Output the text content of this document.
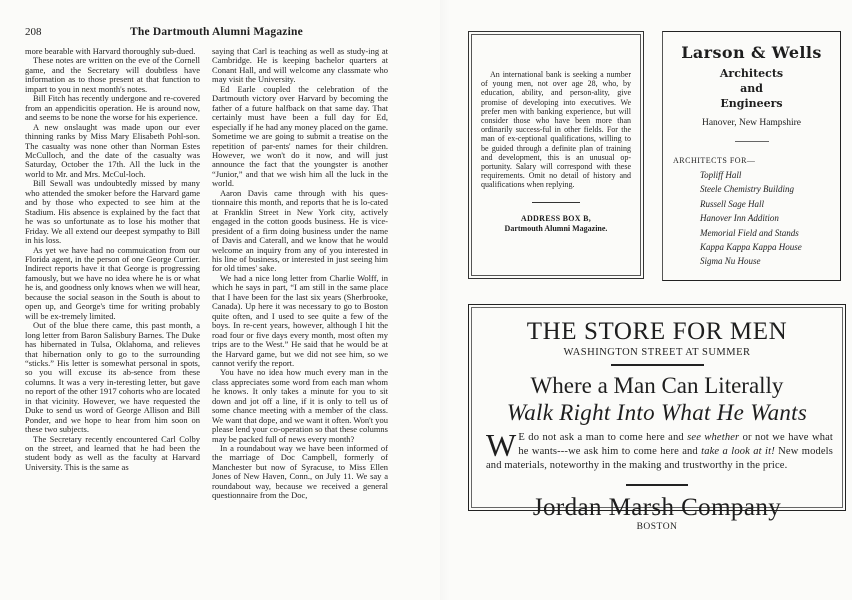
208	The Dartmouth Alumni Magazine

more bearable with Harvard thoroughly sub-dued.

These notes are written on the eve of the Cornell game, and the Secretary will doubtless have information as to those present at that function to impart to you in next month's notes.

Bill Fitch has recently undergone and re-covered from an appendicitis operation. He is around now, and seems to be none the worse for his experience.

A new onslaught was made upon our ever thinning ranks by Miss Mary Elisabeth Pohl-son. The casualty was none other than Norman Estes McCulloch, and the date of the casualty was Saturday, October the 17th. All the luck in the world to Mr. and Mrs. McCul-loch.

Bill Sewall was undoubtedly missed by many who attended the smoker before the Harvard game and by those who expected to see him at the Stadium. His absence is explained by the fact that he was so unfortunate as to lose his mother that Friday. We all extend our deepest sympathy to Bill in his loss.

As yet we have had no commuication from our Florida agent, in the person of one George Currier. Indirect reports have it that George is progressing famously, but we have no idea where he is or what he is, and goodness only knows when we will hear, because the social season in the South is about to open up, and George's time for writing probably will be ex-tremely limited.

Out of the blue there came, this past month, a long letter from Baron Salisbury Barnes. The Duke has hibernated in Tulsa, Oklahoma, and relieves that hibernation only to go to the surrounding “sticks.” His letter is somewhat personal in spots, so you will excuse its ab-sence from these columns. It was a very in-teresting letter, but gave no report of the other 1917 cohorts who are located in that vicinity. However, we have requested the Duke to send us word of George Allison and Bill Ponder, and we hope to hear from him soon on these two subjects.

The Secretary recently encountered Carl Colby on the street, and learned that he had been the student body as well as the faculty at Harvard University. This is the same as

saying that Carl is teaching as well as study-ing at Cambridge. He is keeping bachelor quarters at Conant Hall, and will welcome any classmate who may visit the University.

Ed Earle coupled the celebration of the Dartmouth victory over Harvard by becoming the father of a future halfback on that same day. That certainly must have been a full day for Ed, especially if he had any money placed on the game. Sometime we are going to submit a treatise on the repetition of par-ents' names for their children. However, we won't do it now, and will just announce the fact that the youngster is another “Junior,” and that we wish him all the luck in the world.

Aaron Davis came through with his ques-tionnaire this month, and reports that he is lo-cated at Franklin Street in New York city, actively engaged in the cotton goods business. He is vice-president of a firm doing business under the name of Davis and Caterall, and we know that he would welcome an inquiry from any of you interested in his line of business, or interested in just seeing him for old times' sake.

We had a nice long letter from Charlie Wolff, in which he says in part, “I am still in the same place that I have been for the last six years (Sherbrooke, Canada). Up here it was necessary to go to Boston quite often, and I used to see quite a few of the boys. In re-cent years, however, although I hit the road four or five days every month, most often my trips are to the West.” He said that he would be at the Harvard game, but we did not see him, so we cannot verify the report.

You have no idea how much every man in the class appreciates some word from each man whom he knows. It only takes a minute for you to sit down and jot off a line, if it is only to tell us of some chance meeting with a member of the class. We want that dope, and we want it often. Won't you please lend your co-operation so that these columns may be packed full of news every month?

In a roundabout way we have been informed of the marriage of Doc Campbell, formerly of Manchester but now of Syracuse, to Miss Ellen Jones of New Haven, Conn., on July 11. We say a roundabout way, because we received a general questionnaire from the Doc,

An international bank is seeking a number of young men, not over age 28, who, by education, ability, and person-ality, give promise of developing into executives. We prefer men with banking experience, but will consider those who have been more than ordinarily success-ful in other fields. For the man of ex-ceptional qualifications, willing to be guided through a definite plan of training and development, this is an unusual op-portunity. Salary will correspond with these requirements. Omit no detail of history and qualifications when replying.

ADDRESS BOX B,
Dartmouth Alumni Magazine.
Larson & Wells
Architects
and
Engineers
Hanover, New Hampshire
ARCHITECTS FOR—
Topliff Hall
Steele Chemistry Building
Russell Sage Hall
Hanover Inn Addition
Memorial Field and Stands
Kappa Kappa Kappa House
Sigma Nu House
THE STORE FOR MEN
WASHINGTON STREET AT SUMMER
Where a Man Can Literally
Walk Right Into What He Wants
W E do not ask a man to come here and see whether or not we have what he wants---we ask him to come here and take a look at it! New models and materials, noteworthy in the making and trustworthy in the price.
Jordan Marsh Company
BOSTON
